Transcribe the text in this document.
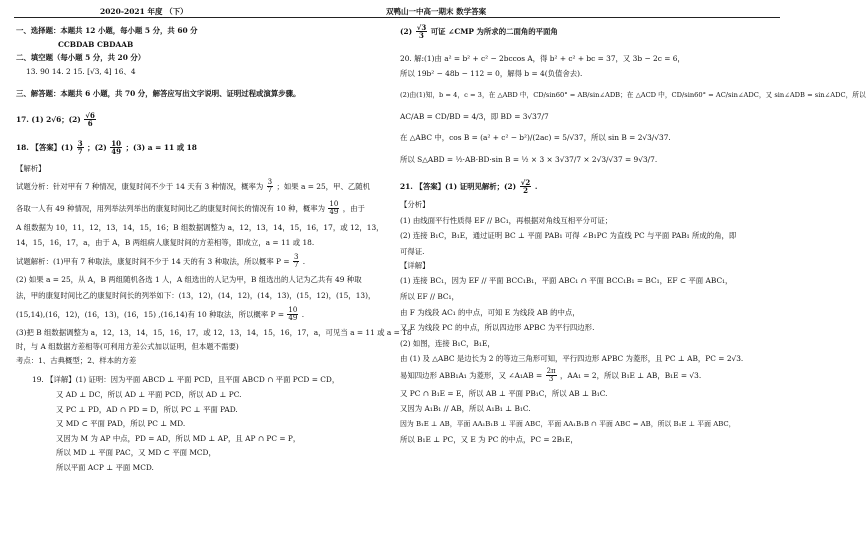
2020-2021 年度 （下）	双鸭山一中高一期末 数学答案

一、选择题：本题共 12 小题，每小题 5 分，共 60 分

CCBDAB CBDAAB

二、填空题（每小题 5 分，共 20 分）

13. 90 14. 2 15. [√3, 4] 16、4

三、解答题：本题共 6 小题，共 70 分，解答应写出文字说明、证明过程或演算步骤。

17. (1) 2√6；$(2) \frac{√6}{6}$

18. 【答案】$(1) \frac{3}{7}$ ；$(2) \frac{10}{49}$ ；(3) a = 11 或 18

【解析】

试题分析：针对甲有 7 种情况，康复时间不少于 14 天有 3 种情况，概率为 $\frac{3}{7}$ ；如果 a = 25，甲、乙随机

各取一人有 49 种情况，用列举法列举出的康复时间比乙的康复时间长的情况有 10 种，概率为 $\frac{10}{49}$ ，由于

A 组数据为 10，11，12，13，14，15，16；B 组数据调整为 a，12，13，14，15，16，17，或 12，13，

14，15，16，17，a，由于 A，B 两组病人康复时间的方差相等，即成立，a = 11 或 18.

试题解析：(1)甲有 7 种取法，康复时间不少于 14 天的有 3 种取法，所以概率 $P = \frac{3}{7}$ .

(2) 如果 a = 25，从 A，B 两组随机各选 1 人，A 组选出的人记为甲，B 组选出的人记为乙共有 49 种取

法，甲的康复时间比乙的康复时间长的列举如下：(13，12)，(14，12)，(14，13)，(15，12)，(15，13)，

(15,14),(16，12)，(16，13)，(16，15) ,(16,14)有 10 种取法，所以概率 $P = \frac{10}{49}$ .

(3)把 B 组数据调整为 a，12，13，14，15，16，17，或 12，13，14，15，16，17，a，可见当 a = 11 或 a = 18

时，与 A 组数据方差相等(可利用方差公式加以证明，但本题不需要)

考点：1、古典概型；2、样本的方差

19. 【详解】(1) 证明：因为平面 ABCD ⊥ 平面 PCD，且平面 ABCD ∩ 平面 PCD = CD，

又 AD ⊥ DC，所以 AD ⊥ 平面 PCD，所以 AD ⊥ PC.

又 PC ⊥ PD，AD ∩ PD = D，所以 PC ⊥ 平面 PAD.

又 MD ⊂ 平面 PAD，所以 PC ⊥ MD.

又因为 M 为 AP 中点，PD = AD，所以 MD ⊥ AP，且 AP ∩ PC = P，

所以 MD ⊥ 平面 PAC，又 MD ⊂ 平面 MCD，

所以平面 ACP ⊥ 平面 MCD.

$(2) \frac{√3}{3}$ 可证 ∠CMP 为所求的二面角的平面角

20. 解:(1)由 a² = b² + c² − 2bccos A，得 b² + c² + bc = 37，又 3b − 2c = 6，

所以 19b² − 48b − 112 = 0，解得 b = 4(负值舍去).

(2)由(1)知，b = 4，c = 3，在 △ABD 中，CD/sin60° = AB/sin∠ADB；在 △ACD 中，CD/sin60° = AC/sin∠ADC，又 sin∠ADB = sin∠ADC，所以

AC/AB = CD/BD = 4/3，即 BD = 3√37/7

在 △ABC 中，cos B = (a² + c² − b²)/(2ac) = 5/√37，所以 sin B = 2√3/√37.

所以 S△ABD = ½·AB·BD·sin B = ½ × 3 × 3√37/7 × 2√3/√37 = 9√3/7.

21. 【答案】(1) 证明见解析；$(2) \frac{√2}{2}$ .

【分析】

(1) 由线面平行性质得 EF // BC₁，再根据对角线互相平分可证；

(2) 连接 B₁C，B₁E，通过证明 BC ⊥ 平面 PAB₁ 可得 ∠B₁PC 为直线 PC 与平面 PAB₁ 所成的角，即

可得证.

【详解】

(1) 连接 BC₁，因为 EF // 平面 BCC₁B₁，平面 ABC₁ ∩ 平面 BCC₁B₁ = BC₁，EF ⊂ 平面 ABC₁，

所以 EF // BC₁，

由 F 为线段 AC₁ 的中点，可知 E 为线段 AB 的中点，

又 E 为线段 PC 的中点，所以四边形 APBC 为平行四边形.

(2) 如图，连接 B₁C，B₁E，

由 (1) 及 △ABC 是边长为 2 的等边三角形可知，平行四边形 APBC 为菱形，且 PC ⊥ AB，PC = 2√3.

易知四边形 ABB₁A₁ 为菱形，又 ∠A₁AB = $\frac{2\pi}{3}$ ，AA₁ = 2，所以 B₁E ⊥ AB，B₁E = √3.

又 PC ∩ B₁E = E，所以 AB ⊥ 平面 PB₁C，所以 AB ⊥ B₁C.

又因为 A₁B₁ // AB，所以 A₁B₁ ⊥ B₁C.

因为 B₁E ⊥ AB，平面 AA₁B₁B ⊥ 平面 ABC，平面 AA₁B₁B ∩ 平面 ABC = AB，所以 B₁E ⊥ 平面 ABC，

所以 B₁E ⊥ PC，又 E 为 PC 的中点，PC = 2B₁E，
